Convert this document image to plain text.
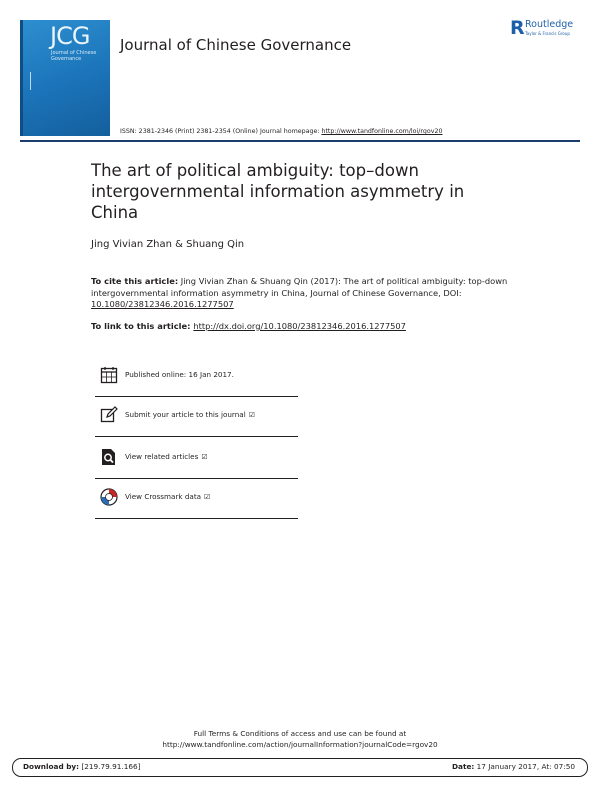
JCG
Journal of Chinese Governance
Journal of Chinese Governance
R Routledge
Taylor & Francis Group
ISSN: 2381-2346 (Print) 2381-2354 (Online) Journal homepage: http://www.tandfonline.com/loi/rgov20
The art of political ambiguity: top–down intergovernmental information asymmetry in China
Jing Vivian Zhan & Shuang Qin
To cite this article: Jing Vivian Zhan & Shuang Qin (2017): The art of political ambiguity: top-down intergovernmental information asymmetry in China, Journal of Chinese Governance, DOI: 10.1080/23812346.2016.1277507
To link to this article: http://dx.doi.org/10.1080/23812346.2016.1277507
Published online: 16 Jan 2017.
Submit your article to this journal ☑
View related articles ☑
View Crossmark data ☑
Full Terms & Conditions of access and use can be found at
http://www.tandfonline.com/action/journalInformation?journalCode=rgov20
Download by: [219.79.91.166]	Date: 17 January 2017, At: 07:50
